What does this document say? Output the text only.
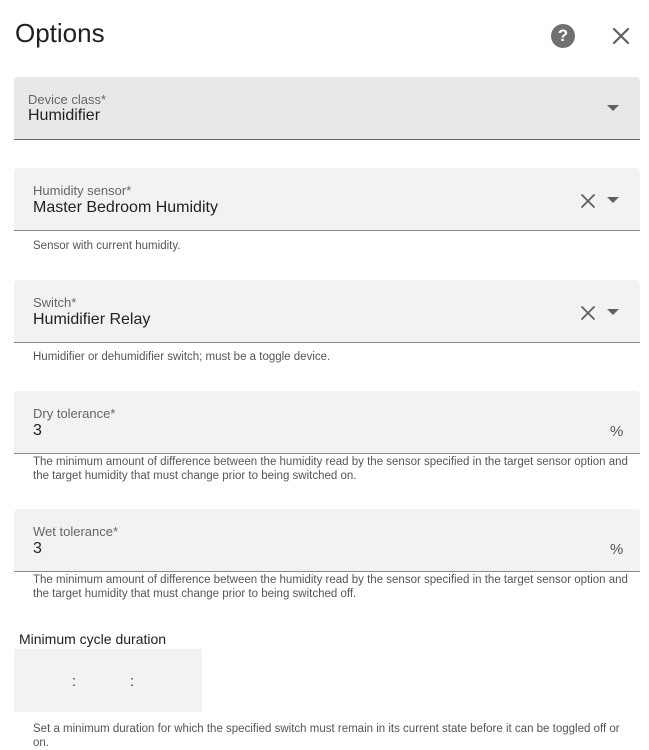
Options	?
Device class*
Humidifier
Humidity sensor*
Master Bedroom Humidity
Sensor with current humidity.
Switch*
Humidifier Relay
Humidifier or dehumidifier switch; must be a toggle device.
Dry tolerance*
3	%
The minimum amount of difference between the humidity read by the sensor specified in the target sensor option and the target humidity that must change prior to being switched on.
Wet tolerance*
3	%
The minimum amount of difference between the humidity read by the sensor specified in the target sensor option and the target humidity that must change prior to being switched off.
Minimum cycle duration
:	:
Set a minimum duration for which the specified switch must remain in its current state before it can be toggled off or on.
